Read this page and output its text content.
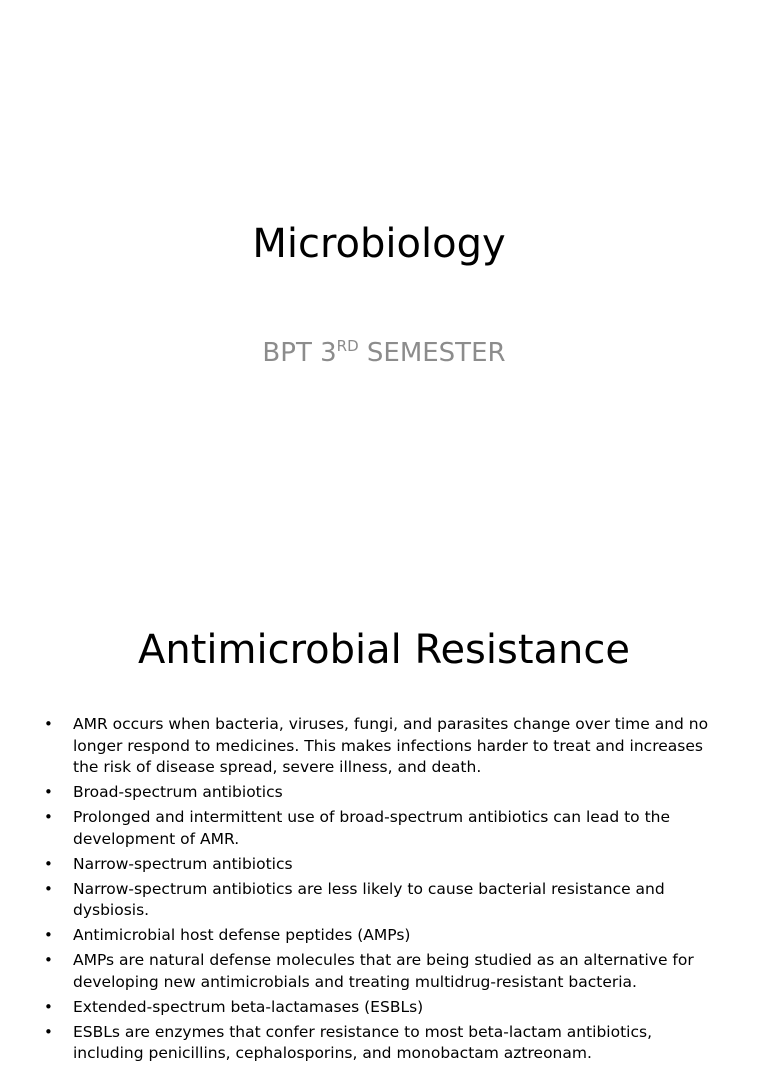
Microbiology

BPT 3RD SEMESTER

Antimicrobial Resistance
• AMR occurs when bacteria, viruses, fungi, and parasites change over time and no longer respond to medicines. This makes infections harder to treat and increases the risk of disease spread, severe illness, and death.
• Broad-spectrum antibiotics
• Prolonged and intermittent use of broad-spectrum antibiotics can lead to the development of AMR.
• Narrow-spectrum antibiotics
• Narrow-spectrum antibiotics are less likely to cause bacterial resistance and dysbiosis.
• Antimicrobial host defense peptides (AMPs)
• AMPs are natural defense molecules that are being studied as an alternative for developing new antimicrobials and treating multidrug-resistant bacteria.
• Extended-spectrum beta-lactamases (ESBLs)
• ESBLs are enzymes that confer resistance to most beta-lactam antibiotics, including penicillins, cephalosporins, and monobactam aztreonam.
